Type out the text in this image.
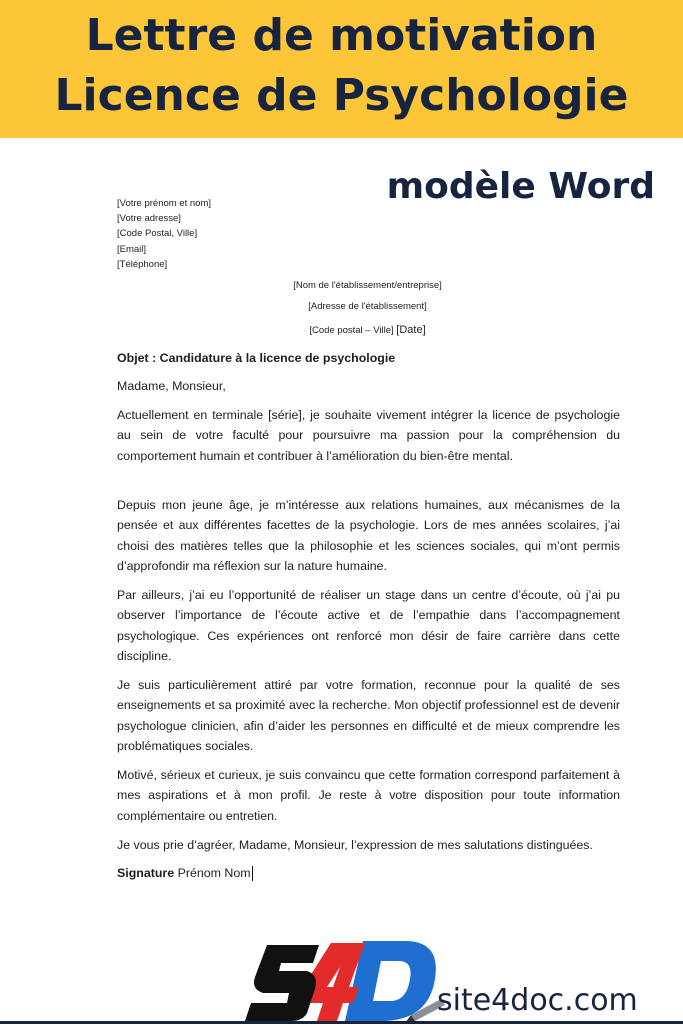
Lettre de motivation
Licence de Psychologie
modèle Word
[Votre prénom et nom]
[Votre adresse]
[Code Postal, Ville]
[Email]
[Téléphone]
[Nom de l'établissement/entreprise]
[Adresse de l'établissement]
[Code postal – Ville] [Date]
Objet : Candidature à la licence de psychologie
Madame, Monsieur,

Actuellement en terminale [série], je souhaite vivement intégrer la licence de psychologie au sein de votre faculté pour poursuivre ma passion pour la compréhension du comportement humain et contribuer à l’amélioration du bien-être mental.

Depuis mon jeune âge, je m’intéresse aux relations humaines, aux mécanismes de la pensée et aux différentes facettes de la psychologie. Lors de mes années scolaires, j’ai choisi des matières telles que la philosophie et les sciences sociales, qui m’ont permis d’approfondir ma réflexion sur la nature humaine.

Par ailleurs, j’ai eu l’opportunité de réaliser un stage dans un centre d’écoute, où j’ai pu observer l’importance de l’écoute active et de l’empathie dans l’accompagnement psychologique. Ces expériences ont renforcé mon désir de faire carrière dans cette discipline.

Je suis particulièrement attiré par votre formation, reconnue pour la qualité de ses enseignements et sa proximité avec la recherche. Mon objectif professionnel est de devenir psychologue clinicien, afin d’aider les personnes en difficulté et de mieux comprendre les problématiques sociales.

Motivé, sérieux et curieux, je suis convaincu que cette formation correspond parfaitement à mes aspirations et à mon profil. Je reste à votre disposition pour toute information complémentaire ou entretien.

Je vous prie d’agréer, Madame, Monsieur, l’expression de mes salutations distinguées.

Signature Prénom Nom
site4doc.com
